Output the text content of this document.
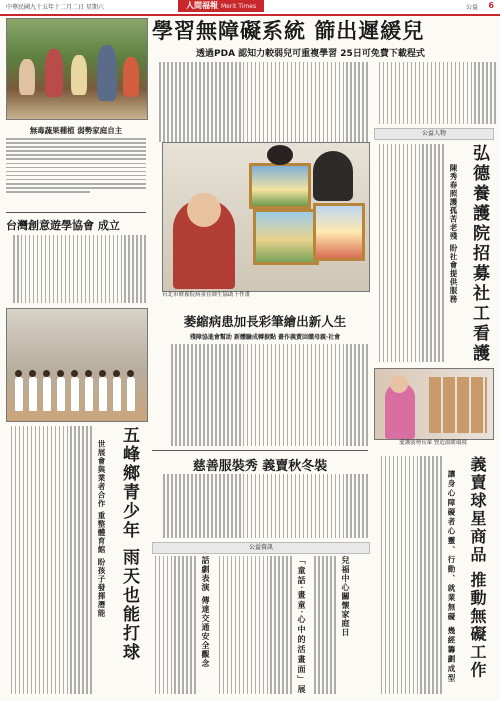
中華民國九十五年十二月二日 星期六	人間福報 Merit Times	公益 6
學習無障礙系統 篩出遲緩兒
透過PDA 認知力較弱兒可重複學習 25日可免費下載程式
無毒蔬果種植 弱勢家庭自主
台灣創意遊學協會 成立
五峰鄉青少年 雨天也能打球
世展會與業者合作 重整體育館 盼孩子發揮潛能
台北市療養院病童在師生協助下作畫
萎縮病患加長彩筆繪出新人生
殘障協進會幫助 新體驗成轉捩點 畫作義賣回饋母親‧社會
公益人物
弘德養護院招募社工看護
陳秀春照護孤苦老殘 盼社會提供服務
愛護弱勢長輩 營造溫暖環境
慈善服裝秀 義賣秋冬裝
公益資訊
話劇表演 傳達交通安全觀念	「童話‧畫童‧心中的活畫面」展	兒福中心關懷家庭日	義賣球星商品 推動無礙工作
讓身心障礙者心靈、行動、就業無礙 幾經籌劃成型
